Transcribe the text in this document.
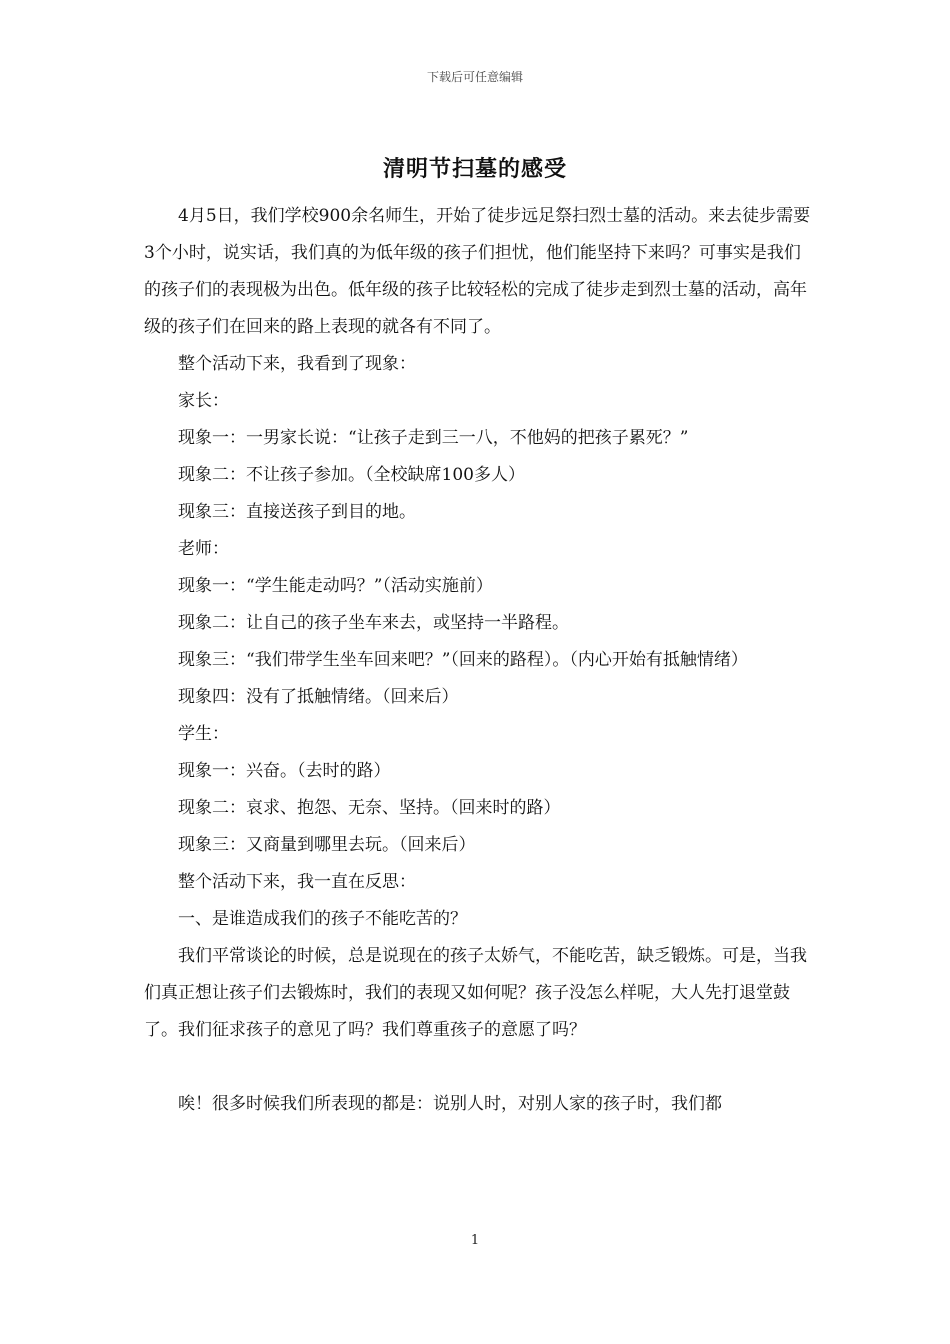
下载后可任意编辑
清明节扫墓的感受

4月5日，我们学校900余名师生，开始了徒步远足祭扫烈士墓的活动。来去徒步需要3个小时，说实话，我们真的为低年级的孩子们担忧，他们能坚持下来吗？可事实是我们的孩子们的表现极为出色。低年级的孩子比较轻松的完成了徒步走到烈士墓的活动，高年级的孩子们在回来的路上表现的就各有不同了。

整个活动下来，我看到了现象：

家长：

现象一：一男家长说：“让孩子走到三一八，不他妈的把孩子累死？”

现象二：不让孩子参加。（全校缺席100多人）

现象三：直接送孩子到目的地。

老师：

现象一：“学生能走动吗？”（活动实施前）

现象二：让自己的孩子坐车来去，或坚持一半路程。

现象三：“我们带学生坐车回来吧？”（回来的路程）。（内心开始有抵触情绪）

现象四：没有了抵触情绪。（回来后）

学生：

现象一：兴奋。（去时的路）

现象二：哀求、抱怨、无奈、坚持。（回来时的路）

现象三：又商量到哪里去玩。（回来后）

整个活动下来，我一直在反思：

一、是谁造成我们的孩子不能吃苦的？

我们平常谈论的时候，总是说现在的孩子太娇气，不能吃苦，缺乏锻炼。可是，当我们真正想让孩子们去锻炼时，我们的表现又如何呢？孩子没怎么样呢，大人先打退堂鼓了。我们征求孩子的意见了吗？我们尊重孩子的意愿了吗？

唉！很多时候我们所表现的都是：说别人时，对别人家的孩子时，我们都

1
